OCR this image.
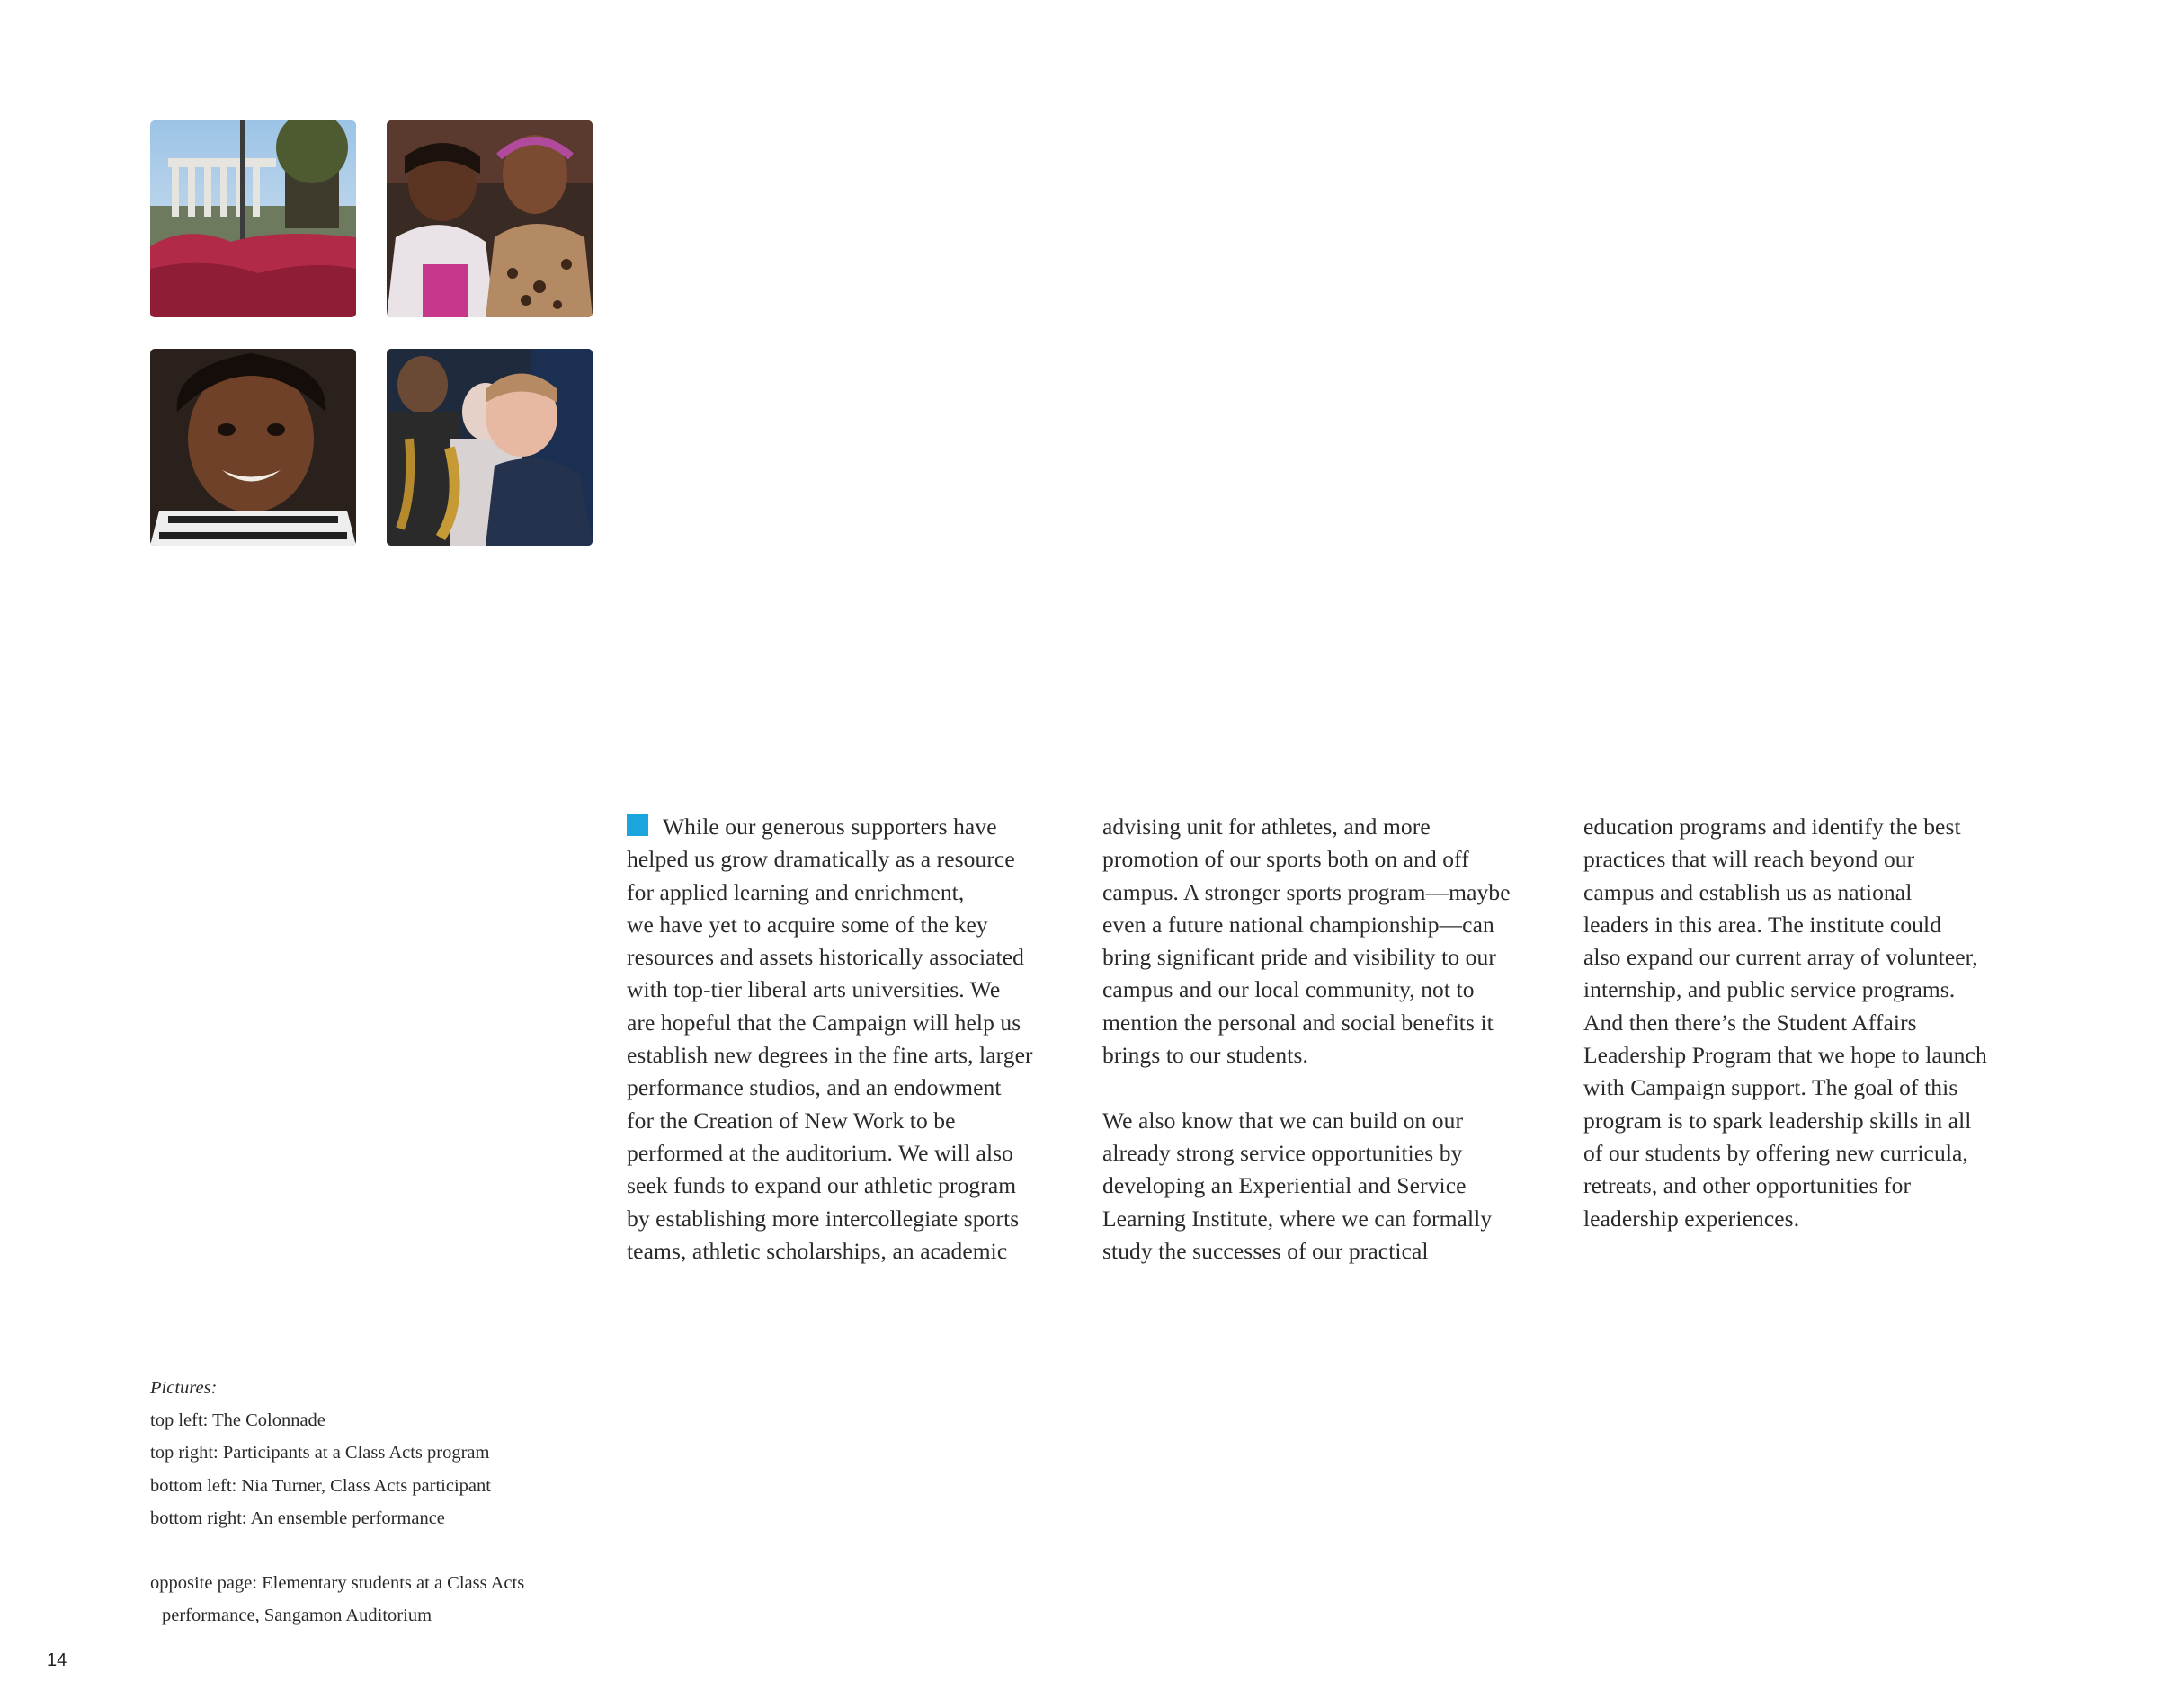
While our generous supporters have
helped us grow dramatically as a resource
for applied learning and enrichment,
we have yet to acquire some of the key
resources and assets historically associated
with top-tier liberal arts universities. We
are hopeful that the Campaign will help us
establish new degrees in the fine arts, larger
performance studios, and an endowment
for the Creation of New Work to be
performed at the auditorium. We will also
seek funds to expand our athletic program
by establishing more intercollegiate sports
teams, athletic scholarships, an academic

advising unit for athletes, and more
promotion of our sports both on and off
campus. A stronger sports program—maybe
even a future national championship—can
bring significant pride and visibility to our
campus and our local community, not to
mention the personal and social benefits it
brings to our students.

We also know that we can build on our
already strong service opportunities by
developing an Experiential and Service
Learning Institute, where we can formally
study the successes of our practical

education programs and identify the best
practices that will reach beyond our
campus and establish us as national
leaders in this area. The institute could
also expand our current array of volunteer,
internship, and public service programs.
And then there’s the Student Affairs
Leadership Program that we hope to launch
with Campaign support. The goal of this
program is to spark leadership skills in all
of our students by offering new curricula,
retreats, and other opportunities for
leadership experiences.

Pictures:
top left: The Colonnade
top right: Participants at a Class Acts program
bottom left: Nia Turner, Class Acts participant
bottom right: An ensemble performance
opposite page: Elementary students at a Class Acts
performance, Sangamon Auditorium
14
